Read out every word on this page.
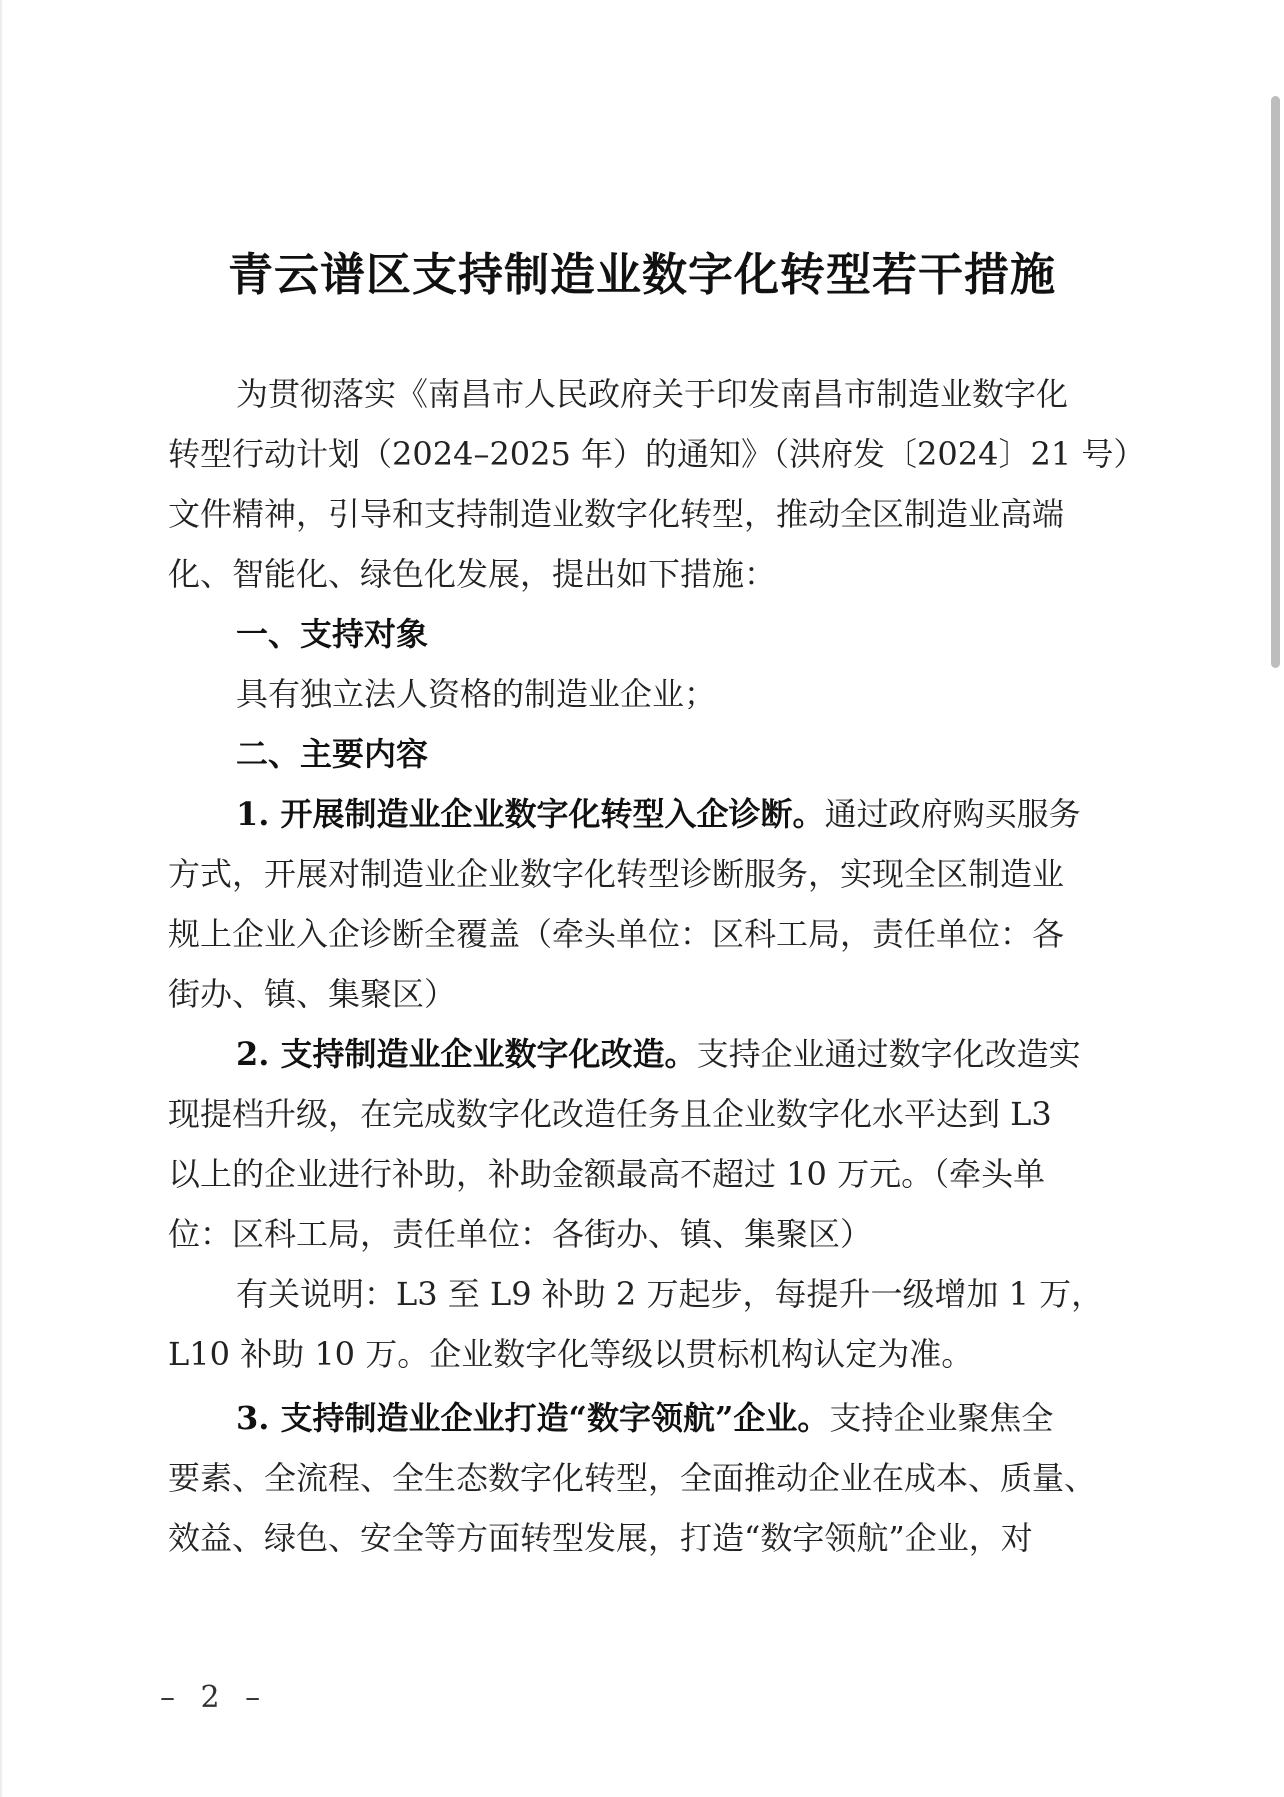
青云谱区支持制造业数字化转型若干措施
为贯彻落实《南昌市人民政府关于印发南昌市制造业数字化
转型行动计划（2024–2025 年）的通知》（洪府发〔2024〕21 号）
文件精神，引导和支持制造业数字化转型，推动全区制造业高端
化、智能化、绿色化发展，提出如下措施：
一、支持对象
具有独立法人资格的制造业企业；
二、主要内容
1. 开展制造业企业数字化转型入企诊断。通过政府购买服务
方式，开展对制造业企业数字化转型诊断服务，实现全区制造业
规上企业入企诊断全覆盖（牵头单位：区科工局，责任单位：各
街办、镇、集聚区）
2. 支持制造业企业数字化改造。支持企业通过数字化改造实
现提档升级，在完成数字化改造任务且企业数字化水平达到 L3
以上的企业进行补助，补助金额最高不超过 10 万元。（牵头单
位：区科工局，责任单位：各街办、镇、集聚区）
有关说明：L3 至 L9 补助 2 万起步，每提升一级增加 1 万，
L10 补助 10 万。企业数字化等级以贯标机构认定为准。
3. 支持制造业企业打造“数字领航”企业。支持企业聚焦全
要素、全流程、全生态数字化转型，全面推动企业在成本、质量、
效益、绿色、安全等方面转型发展，打造“数字领航”企业，对
– 2 –
